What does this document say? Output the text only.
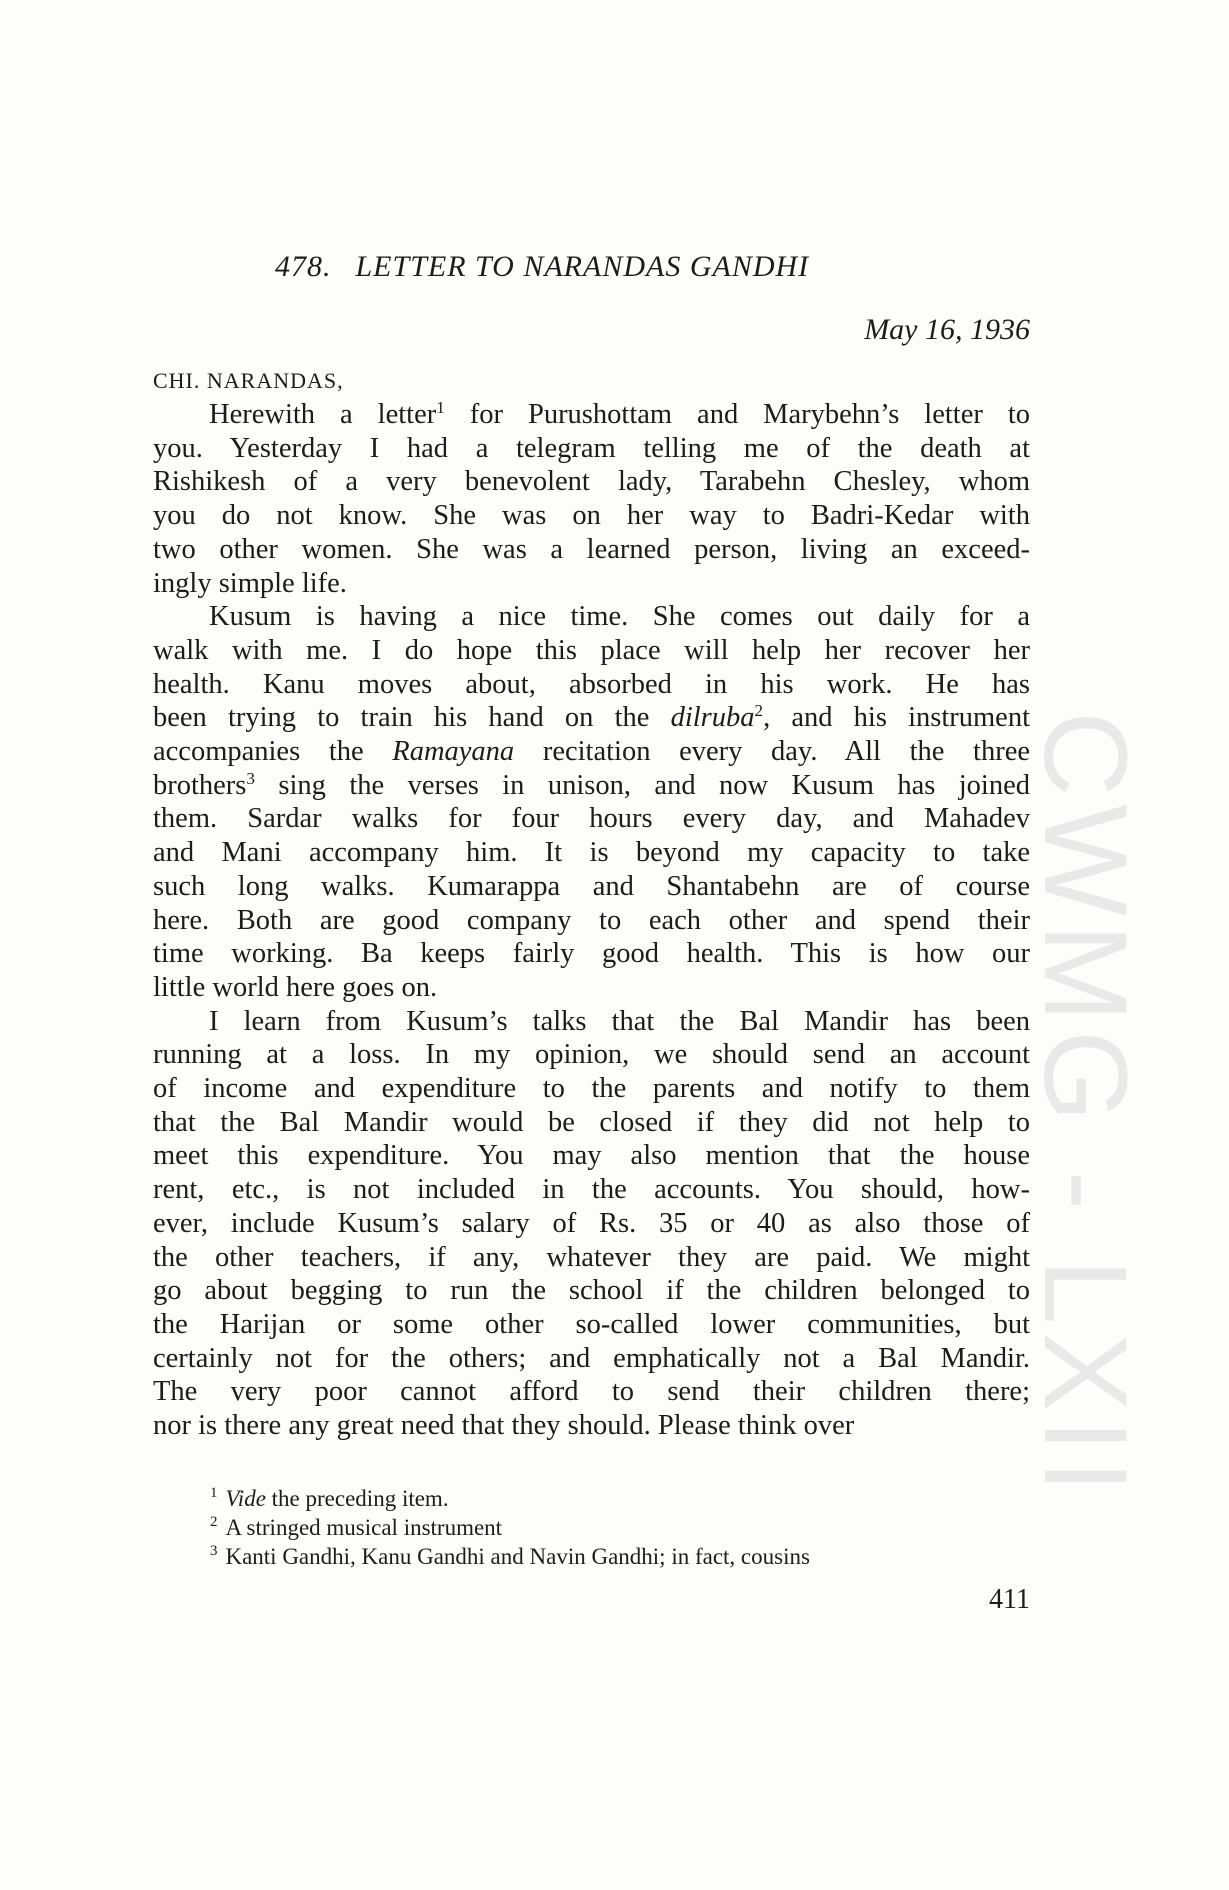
CWMG - LXII
478. LETTER TO NARANDAS GANDHI
May 16, 1936
CHI. NARANDAS,

Herewith a letter$^1$ for Purushottam and Marybehn’s letter to
you. Yesterday I had a telegram telling me of the death at
Rishikesh of a very benevolent lady, Tarabehn Chesley, whom
you do not know. She was on her way to Badri-Kedar with
two other women. She was a learned person, living an exceed-
ingly simple life.

Kusum is having a nice time. She comes out daily for a
walk with me. I do hope this place will help her recover her
health. Kanu moves about, absorbed in his work. He has
been trying to train his hand on the dilruba$^2$, and his instrument
accompanies the Ramayana recitation every day. All the three
brothers$^3$ sing the verses in unison, and now Kusum has joined
them. Sardar walks for four hours every day, and Mahadev
and Mani accompany him. It is beyond my capacity to take
such long walks. Kumarappa and Shantabehn are of course
here. Both are good company to each other and spend their
time working. Ba keeps fairly good health. This is how our
little world here goes on.

I learn from Kusum’s talks that the Bal Mandir has been
running at a loss. In my opinion, we should send an account
of income and expenditure to the parents and notify to them
that the Bal Mandir would be closed if they did not help to
meet this expenditure. You may also mention that the house
rent, etc., is not included in the accounts. You should, how-
ever, include Kusum’s salary of Rs. 35 or 40 as also those of
the other teachers, if any, whatever they are paid. We might
go about begging to run the school if the children belonged to
the Harijan or some other so-called lower communities, but
certainly not for the others; and emphatically not a Bal Mandir.
The very poor cannot afford to send their children there;
nor is there any great need that they should. Please think over

$^1$ Vide the preceding item.
$^2$ A stringed musical instrument
$^3$ Kanti Gandhi, Kanu Gandhi and Navin Gandhi; in fact, cousins
411
